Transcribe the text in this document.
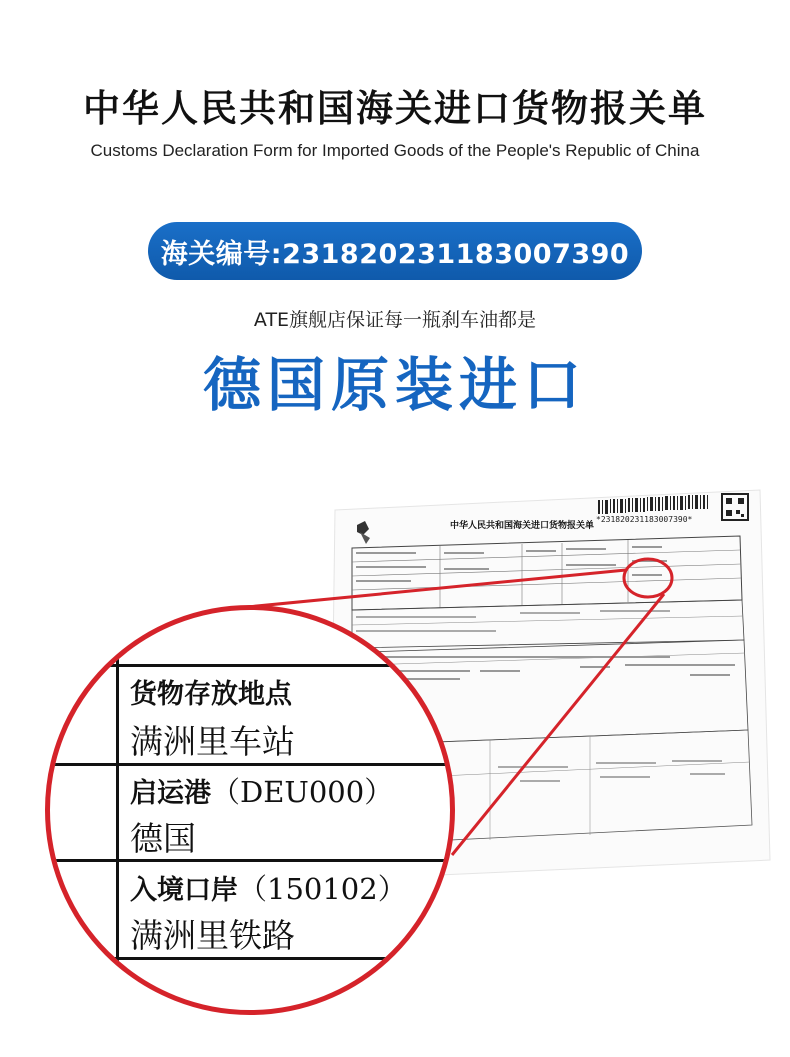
中华人民共和国海关进口货物报关单
Customs Declaration Form for Imported Goods of the People's Republic of China
海关编号:231820231183007390
ATE旗舰店保证每一瓶刹车油都是
德国原装进口
货物存放地点
满洲里车站
启运港（DEU000）
德国
入境口岸（150102）
满洲里铁路
